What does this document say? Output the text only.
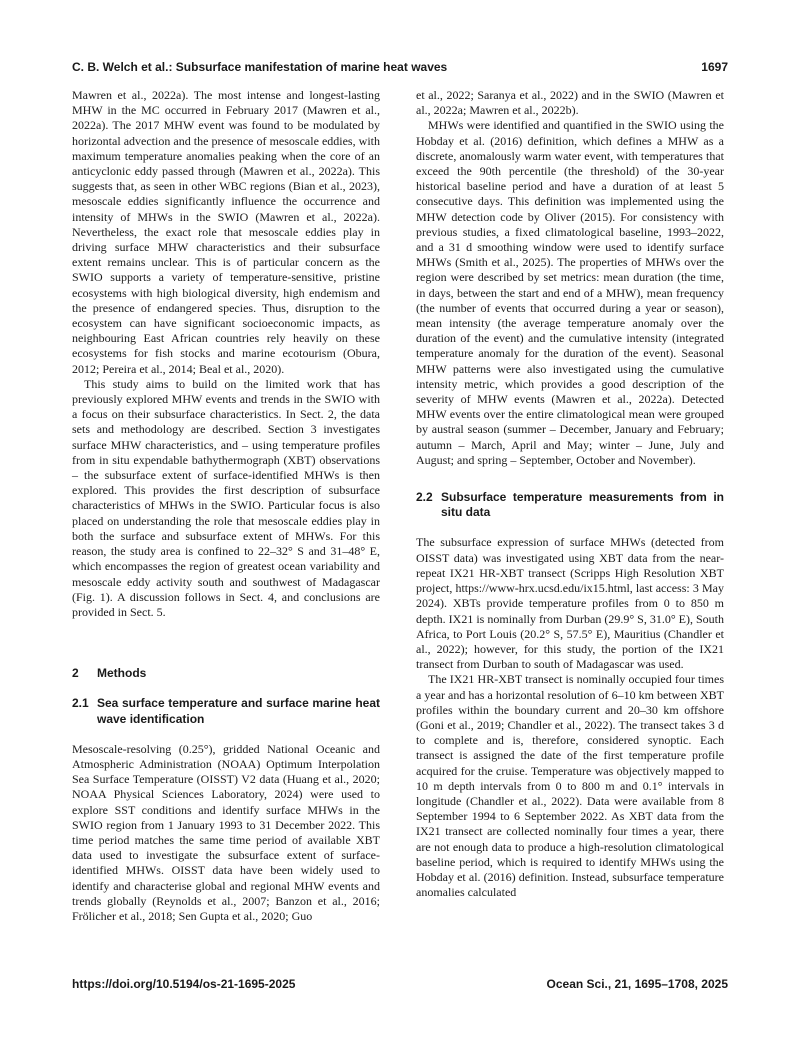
C. B. Welch et al.: Subsurface manifestation of marine heat waves	1697

Mawren et al., 2022a). The most intense and longest-lasting MHW in the MC occurred in February 2017 (Mawren et al., 2022a). The 2017 MHW event was found to be modulated by horizontal advection and the presence of mesoscale eddies, with maximum temperature anomalies peaking when the core of an anticyclonic eddy passed through (Mawren et al., 2022a). This suggests that, as seen in other WBC regions (Bian et al., 2023), mesoscale eddies significantly influence the occurrence and intensity of MHWs in the SWIO (Mawren et al., 2022a). Nevertheless, the exact role that mesoscale eddies play in driving surface MHW characteristics and their subsurface extent remains unclear. This is of particular concern as the SWIO supports a variety of temperature-sensitive, pristine ecosystems with high biological diversity, high endemism and the presence of endangered species. Thus, disruption to the ecosystem can have significant socioeconomic impacts, as neighbouring East African countries rely heavily on these ecosystems for fish stocks and marine ecotourism (Obura, 2012; Pereira et al., 2014; Beal et al., 2020).

This study aims to build on the limited work that has previously explored MHW events and trends in the SWIO with a focus on their subsurface characteristics. In Sect. 2, the data sets and methodology are described. Section 3 investigates surface MHW characteristics, and – using temperature profiles from in situ expendable bathythermograph (XBT) observations – the subsurface extent of surface-identified MHWs is then explored. This provides the first description of subsurface characteristics of MHWs in the SWIO. Particular focus is also placed on understanding the role that mesoscale eddies play in both the surface and subsurface extent of MHWs. For this reason, the study area is confined to 22–32° S and 31–48° E, which encompasses the region of greatest ocean variability and mesoscale eddy activity south and southwest of Madagascar (Fig. 1). A discussion follows in Sect. 4, and conclusions are provided in Sect. 5.

2	Methods
2.1 Sea surface temperature and surface marine heat wave identification

Mesoscale-resolving (0.25°), gridded National Oceanic and Atmospheric Administration (NOAA) Optimum Interpolation Sea Surface Temperature (OISST) V2 data (Huang et al., 2020; NOAA Physical Sciences Laboratory, 2024) were used to explore SST conditions and identify surface MHWs in the SWIO region from 1 January 1993 to 31 December 2022. This time period matches the same time period of available XBT data used to investigate the subsurface extent of surface-identified MHWs. OISST data have been widely used to identify and characterise global and regional MHW events and trends globally (Reynolds et al., 2007; Banzon et al., 2016; Frölicher et al., 2018; Sen Gupta et al., 2020; Guo

et al., 2022; Saranya et al., 2022) and in the SWIO (Mawren et al., 2022a; Mawren et al., 2022b).

MHWs were identified and quantified in the SWIO using the Hobday et al. (2016) definition, which defines a MHW as a discrete, anomalously warm water event, with temperatures that exceed the 90th percentile (the threshold) of the 30-year historical baseline period and have a duration of at least 5 consecutive days. This definition was implemented using the MHW detection code by Oliver (2015). For consistency with previous studies, a fixed climatological baseline, 1993–2022, and a 31 d smoothing window were used to identify surface MHWs (Smith et al., 2025). The properties of MHWs over the region were described by set metrics: mean duration (the time, in days, between the start and end of a MHW), mean frequency (the number of events that occurred during a year or season), mean intensity (the average temperature anomaly over the duration of the event) and the cumulative intensity (integrated temperature anomaly for the duration of the event). Seasonal MHW patterns were also investigated using the cumulative intensity metric, which provides a good description of the severity of MHW events (Mawren et al., 2022a). Detected MHW events over the entire climatological mean were grouped by austral season (summer – December, January and February; autumn – March, April and May; winter – June, July and August; and spring – September, October and November).

2.2 Subsurface temperature measurements from in situ data

The subsurface expression of surface MHWs (detected from OISST data) was investigated using XBT data from the near-repeat IX21 HR-XBT transect (Scripps High Resolution XBT project, https://www-hrx.ucsd.edu/ix15.html, last access: 3 May 2024). XBTs provide temperature profiles from 0 to 850 m depth. IX21 is nominally from Durban (29.9° S, 31.0° E), South Africa, to Port Louis (20.2° S, 57.5° E), Mauritius (Chandler et al., 2022); however, for this study, the portion of the IX21 transect from Durban to south of Madagascar was used.

The IX21 HR-XBT transect is nominally occupied four times a year and has a horizontal resolution of 6–10 km between XBT profiles within the boundary current and 20–30 km offshore (Goni et al., 2019; Chandler et al., 2022). The transect takes 3 d to complete and is, therefore, considered synoptic. Each transect is assigned the date of the first temperature profile acquired for the cruise. Temperature was objectively mapped to 10 m depth intervals from 0 to 800 m and 0.1° intervals in longitude (Chandler et al., 2022). Data were available from 8 September 1994 to 6 September 2022. As XBT data from the IX21 transect are collected nominally four times a year, there are not enough data to produce a high-resolution climatological baseline period, which is required to identify MHWs using the Hobday et al. (2016) definition. Instead, subsurface temperature anomalies calculated

https://doi.org/10.5194/os-21-1695-2025	Ocean Sci., 21, 1695–1708, 2025
